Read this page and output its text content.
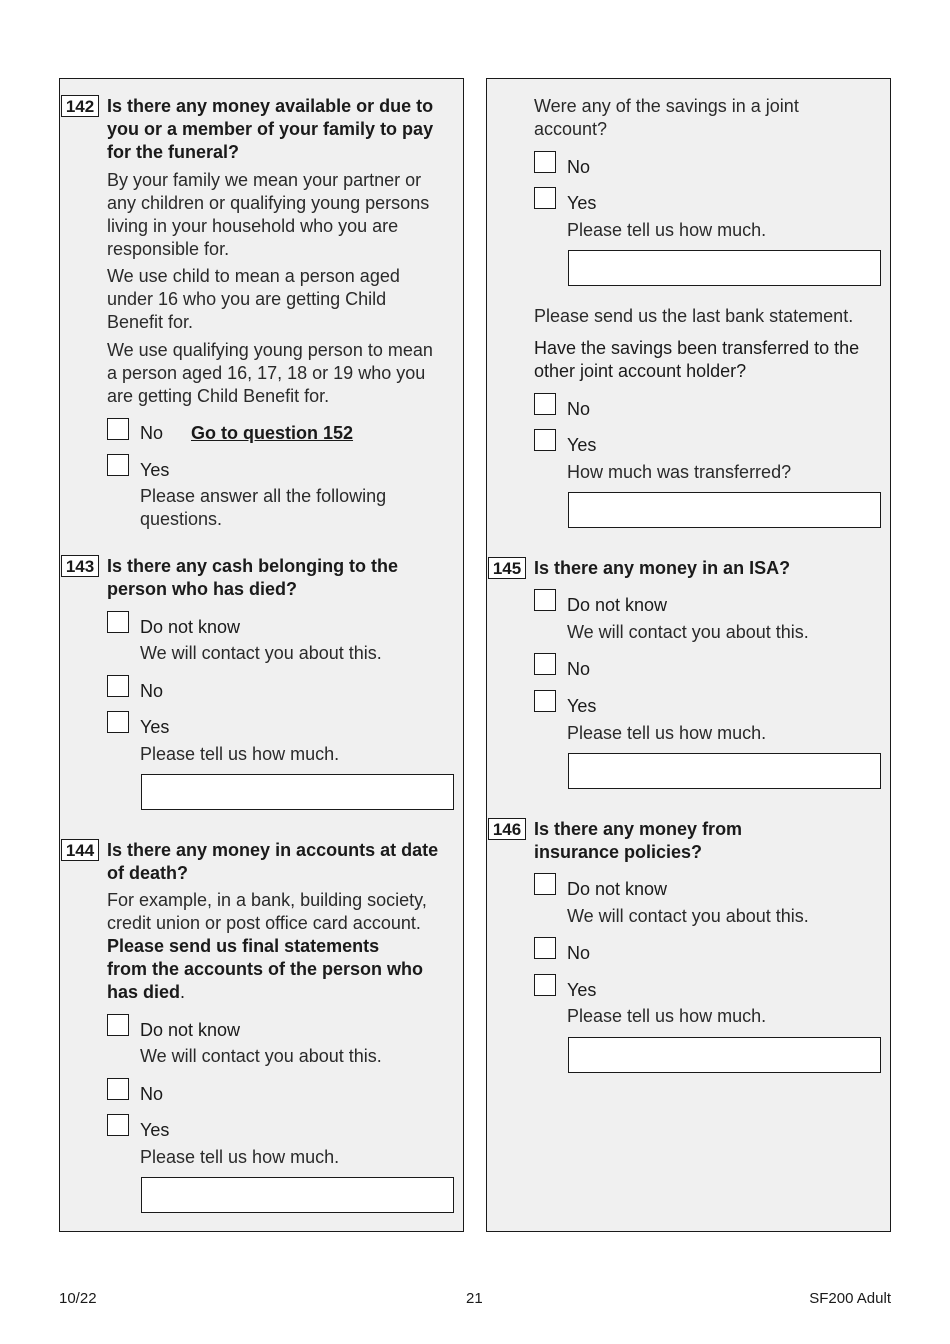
142 Is there any money available or due to
you or a member of your family to pay
for the funeral?
By your family we mean your partner or
any children or qualifying young persons
living in your household who you are
responsible for.
We use child to mean a person aged
under 16 who you are getting Child
Benefit for.
We use qualifying young person to mean
a person aged 16, 17, 18 or 19 who you
are getting Child Benefit for.
No Go to question 152
Yes
Please answer all the following
questions.
143 Is there any cash belonging to the
person who has died?
Do not know
We will contact you about this.
No
Yes
Please tell us how much.
144 Is there any money in accounts at date
of death?
For example, in a bank, building society,
credit union or post office card account.
Please send us final statements
from the accounts of the person who
has died.
Do not know
We will contact you about this.
No
Yes
Please tell us how much.
Were any of the savings in a joint
account?
No
Yes
Please tell us how much.
Please send us the last bank statement.
Have the savings been transferred to the
other joint account holder?
No
Yes
How much was transferred?
145 Is there any money in an ISA?
Do not know
We will contact you about this.
No
Yes
Please tell us how much.
146 Is there any money from
insurance policies?
Do not know
We will contact you about this.
No
Yes
Please tell us how much.
10/22	21	SF200 Adult
